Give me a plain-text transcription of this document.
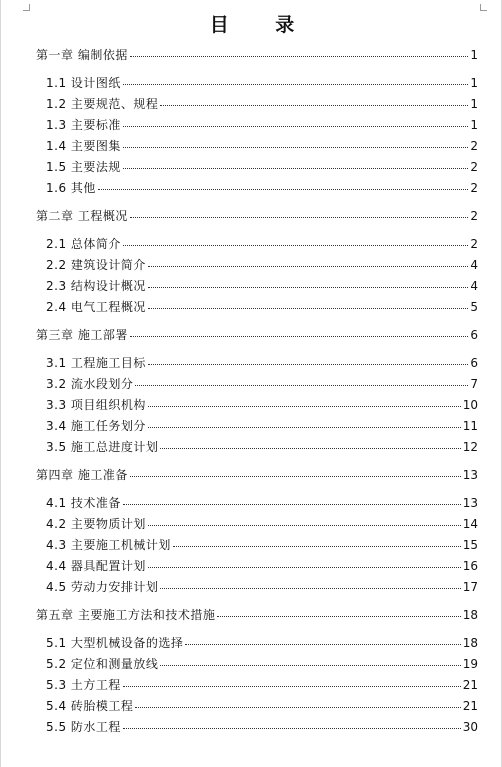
目 录
第一章 编制依据	1
1.1 设计图纸	1
1.2 主要规范、规程	1
1.3 主要标准	1
1.4 主要图集	2
1.5 主要法规	2
1.6 其他	2
第二章 工程概况	2
2.1 总体简介	2
2.2 建筑设计简介	4
2.3 结构设计概况	4
2.4 电气工程概况	5
第三章 施工部署	6
3.1 工程施工目标	6
3.2 流水段划分	7
3.3 项目组织机构	10
3.4 施工任务划分	11
3.5 施工总进度计划	12
第四章 施工准备	13
4.1 技术准备	13
4.2 主要物质计划	14
4.3 主要施工机械计划	15
4.4 器具配置计划	16
4.5 劳动力安排计划	17
第五章 主要施工方法和技术措施	18
5.1 大型机械设备的选择	18
5.2 定位和测量放线	19
5.3 土方工程	21
5.4 砖胎模工程	21
5.5 防水工程	30
